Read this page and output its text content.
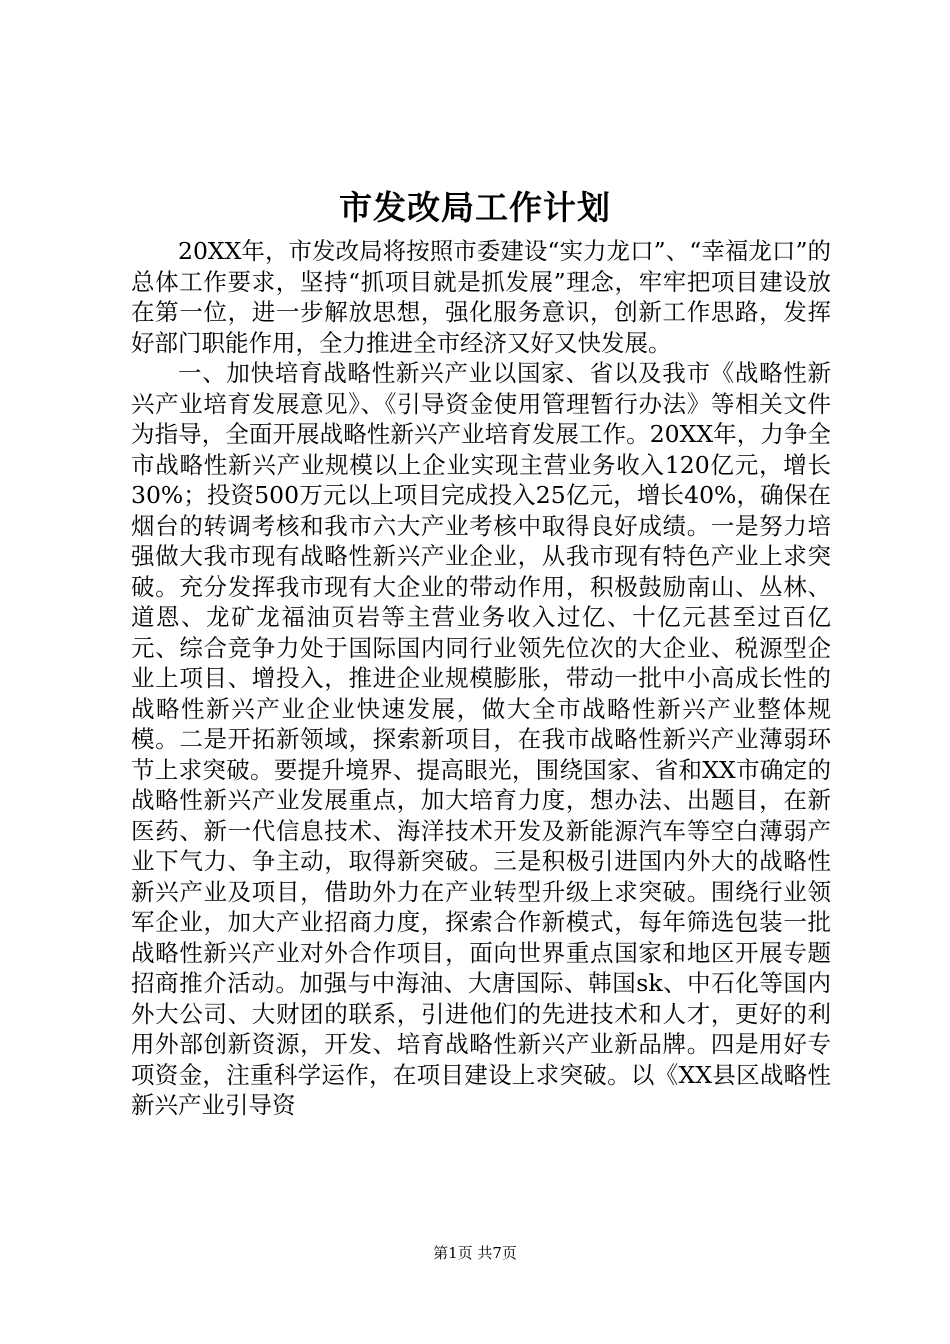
市发改局工作计划

20XX年，市发改局将按照市委建设“实力龙口”、“幸福龙口”的总体工作要求，坚持“抓项目就是抓发展”理念，牢牢把项目建设放在第一位，进一步解放思想，强化服务意识，创新工作思路，发挥好部门职能作用，全力推进全市经济又好又快发展。

一、加快培育战略性新兴产业以国家、省以及我市《战略性新兴产业培育发展意见》、《引导资金使用管理暂行办法》等相关文件为指导，全面开展战略性新兴产业培育发展工作。20XX年，力争全市战略性新兴产业规模以上企业实现主营业务收入120亿元，增长30%；投资500万元以上项目完成投入25亿元，增长40%，确保在烟台的转调考核和我市六大产业考核中取得良好成绩。一是努力培强做大我市现有战略性新兴产业企业，从我市现有特色产业上求突破。充分发挥我市现有大企业的带动作用，积极鼓励南山、丛林、道恩、龙矿龙福油页岩等主营业务收入过亿、十亿元甚至过百亿元、综合竞争力处于国际国内同行业领先位次的大企业、税源型企业上项目、增投入，推进企业规模膨胀，带动一批中小高成长性的战略性新兴产业企业快速发展，做大全市战略性新兴产业整体规模。二是开拓新领域，探索新项目，在我市战略性新兴产业薄弱环节上求突破。要提升境界、提高眼光，围绕国家、省和XX市确定的战略性新兴产业发展重点，加大培育力度，想办法、出题目，在新医药、新一代信息技术、海洋技术开发及新能源汽车等空白薄弱产业下气力、争主动，取得新突破。三是积极引进国内外大的战略性新兴产业及项目，借助外力在产业转型升级上求突破。围绕行业领军企业，加大产业招商力度，探索合作新模式，每年筛选包装一批战略性新兴产业对外合作项目，面向世界重点国家和地区开展专题招商推介活动。加强与中海油、大唐国际、韩国sk、中石化等国内外大公司、大财团的联系，引进他们的先进技术和人才，更好的利用外部创新资源，开发、培育战略性新兴产业新品牌。四是用好专项资金，注重科学运作，在项目建设上求突破。以《XX县区战略性新兴产业引导资

第1页 共7页
